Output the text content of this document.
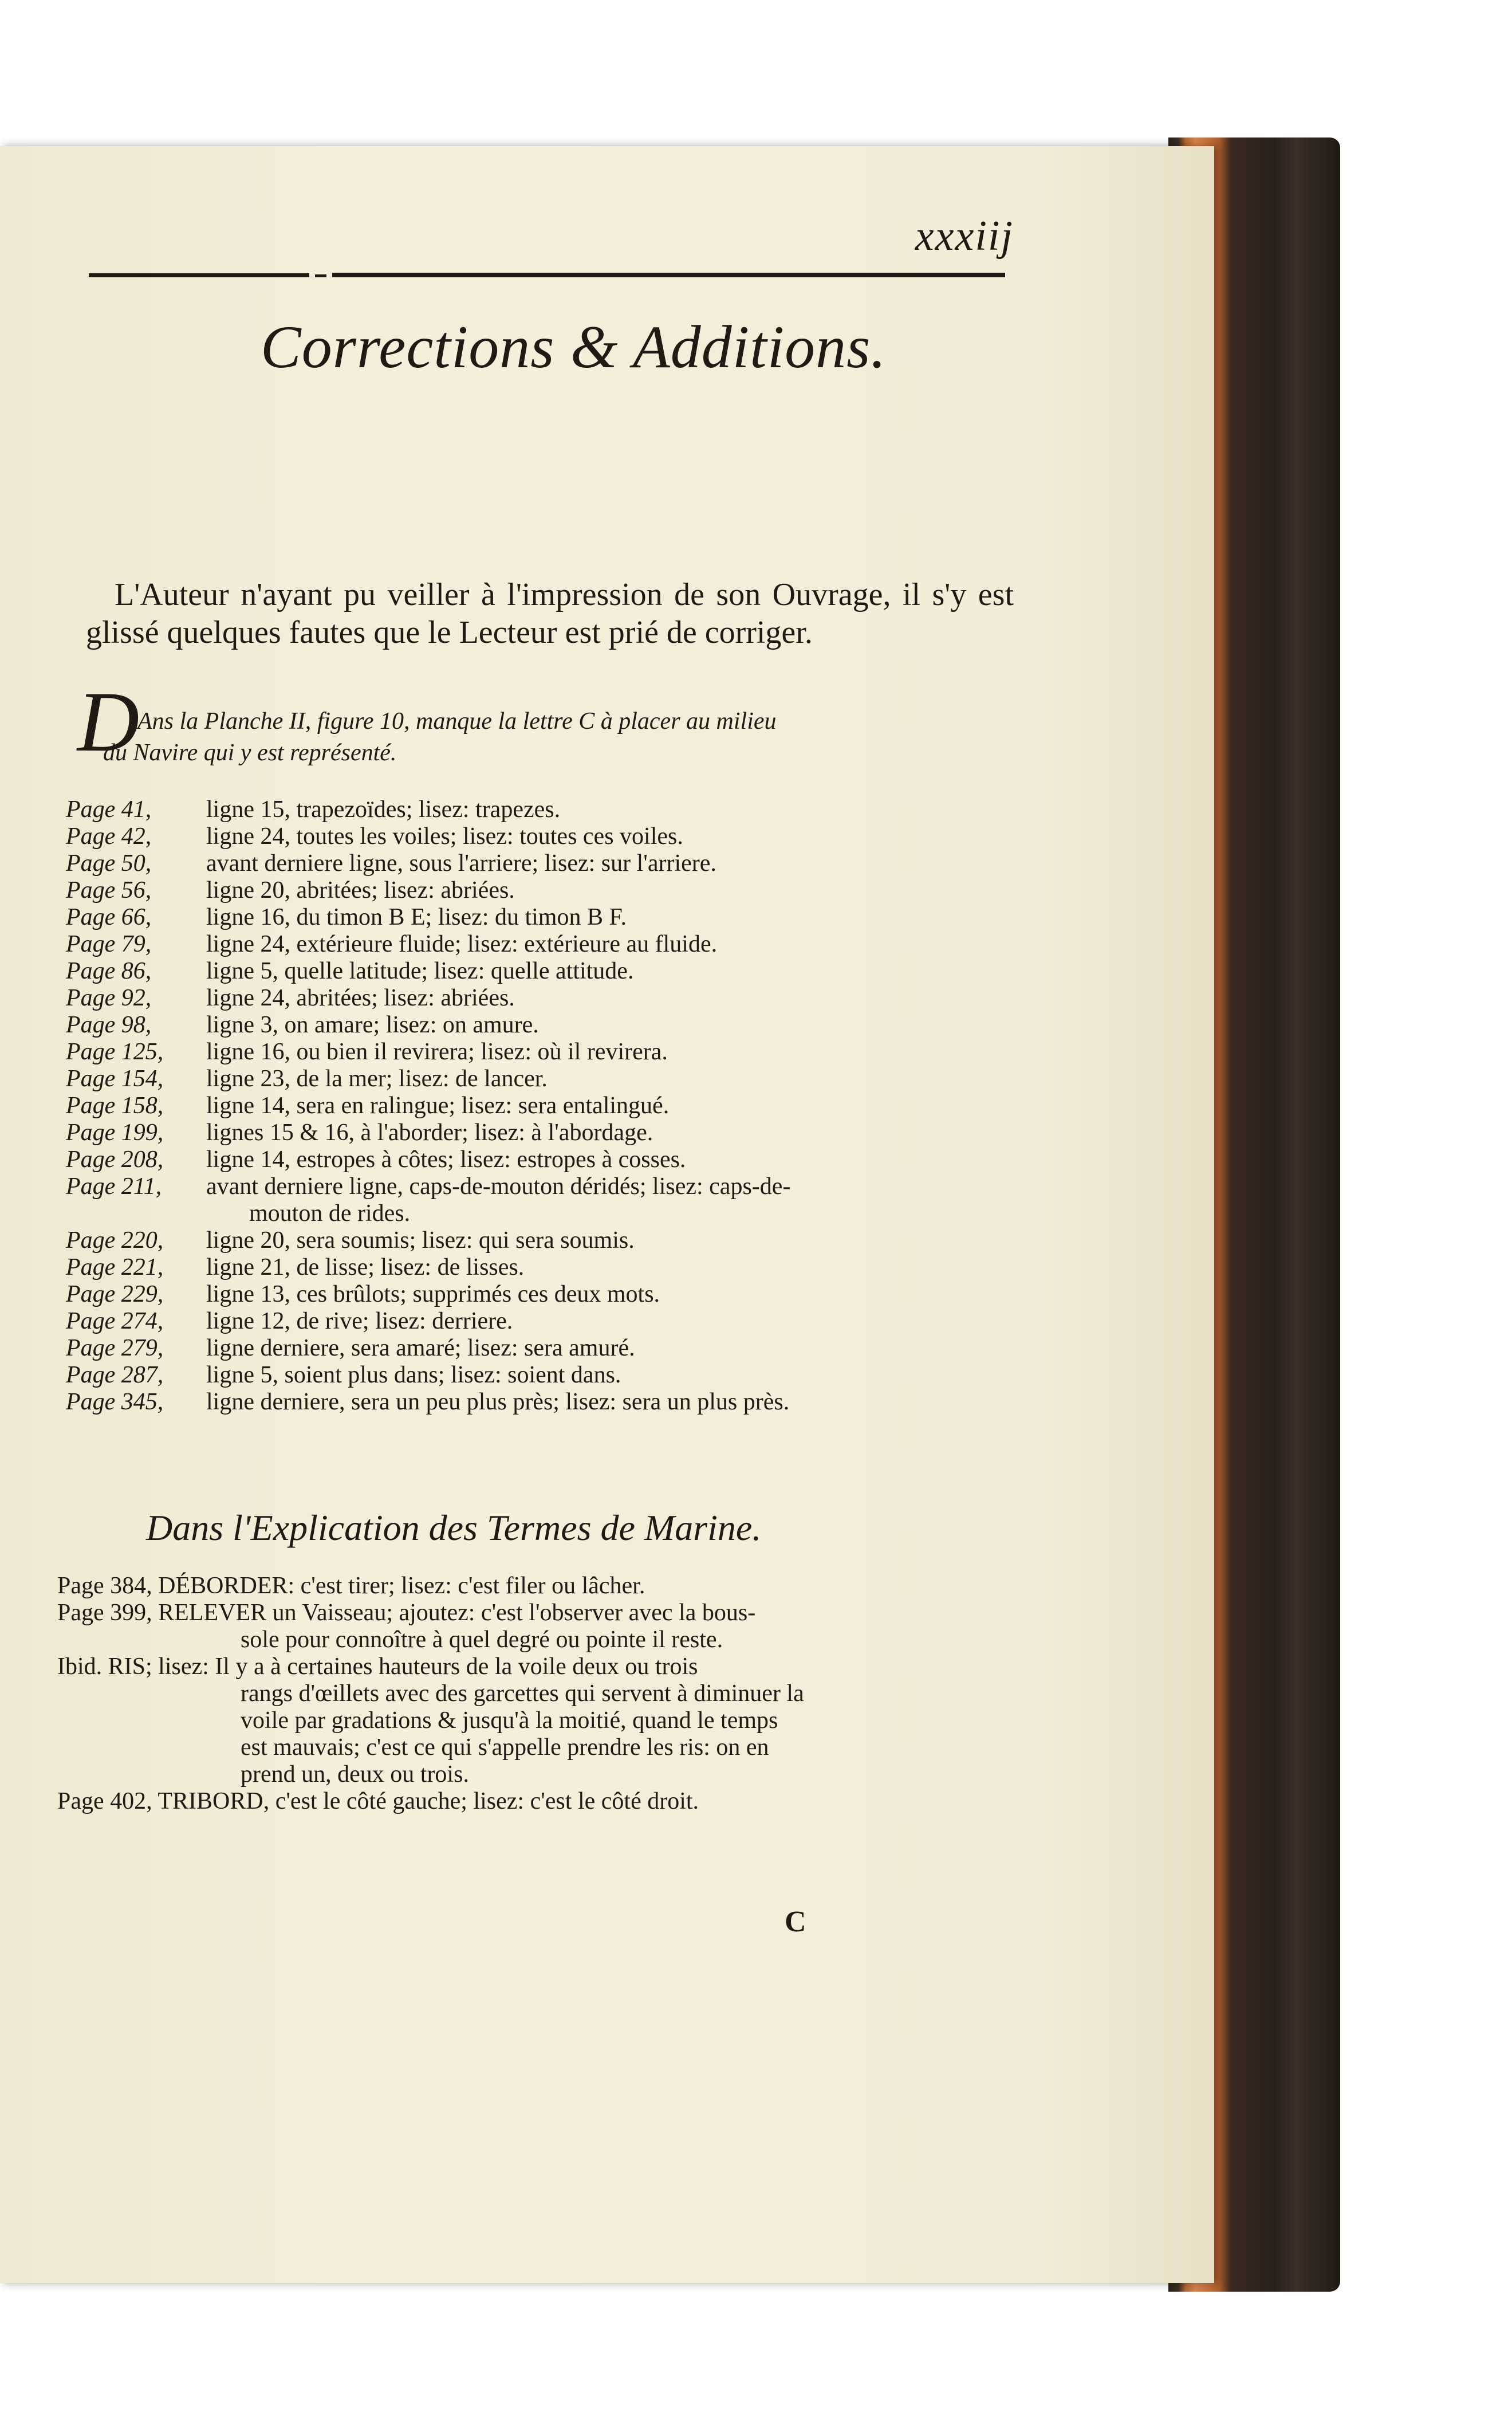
xxxiij
Corrections & Additions.
L'Auteur n'ayant pu veiller à l'impression de son Ouvrage, il s'y est glissé quelques fautes que le Lecteur est prié de corriger.
D
Ans la Planche II, figure 10, manque la lettre C à placer au milieu
du Navire qui y est représenté.
Page 41,	ligne 15, trapezoïdes; lisez: trapezes.
Page 42,	ligne 24, toutes les voiles; lisez: toutes ces voiles.
Page 50,	avant derniere ligne, sous l'arriere; lisez: sur l'arriere.
Page 56,	ligne 20, abritées; lisez: abriées.
Page 66,	ligne 16, du timon B E; lisez: du timon B F.
Page 79,	ligne 24, extérieure fluide; lisez: extérieure au fluide.
Page 86,	ligne 5, quelle latitude; lisez: quelle attitude.
Page 92,	ligne 24, abritées; lisez: abriées.
Page 98,	ligne 3, on amare; lisez: on amure.
Page 125,	ligne 16, ou bien il revirera; lisez: où il revirera.
Page 154,	ligne 23, de la mer; lisez: de lancer.
Page 158,	ligne 14, sera en ralingue; lisez: sera entalingué.
Page 199,	lignes 15 & 16, à l'aborder; lisez: à l'abordage.
Page 208,	ligne 14, estropes à côtes; lisez: estropes à cosses.
Page 211,	avant derniere ligne, caps-de-mouton déridés; lisez: caps-de-
mouton de rides.
Page 220,	ligne 20, sera soumis; lisez: qui sera soumis.
Page 221,	ligne 21, de lisse; lisez: de lisses.
Page 229,	ligne 13, ces brûlots; supprimés ces deux mots.
Page 274,	ligne 12, de rive; lisez: derriere.
Page 279,	ligne derniere, sera amaré; lisez: sera amuré.
Page 287,	ligne 5, soient plus dans; lisez: soient dans.
Page 345,	ligne derniere, sera un peu plus près; lisez: sera un plus près.
Dans l'Explication des Termes de Marine.
Page 384, DÉBORDER: c'est tirer; lisez: c'est filer ou lâcher.
Page 399, RELEVER un Vaisseau; ajoutez: c'est l'observer avec la bous-
sole pour connoître à quel degré ou pointe il reste.
Ibid. RIS; lisez: Il y a à certaines hauteurs de la voile deux ou trois
rangs d'œillets avec des garcettes qui servent à diminuer la
voile par gradations & jusqu'à la moitié, quand le temps
est mauvais; c'est ce qui s'appelle prendre les ris: on en
prend un, deux ou trois.
Page 402, TRIBORD, c'est le côté gauche; lisez: c'est le côté droit.
C
